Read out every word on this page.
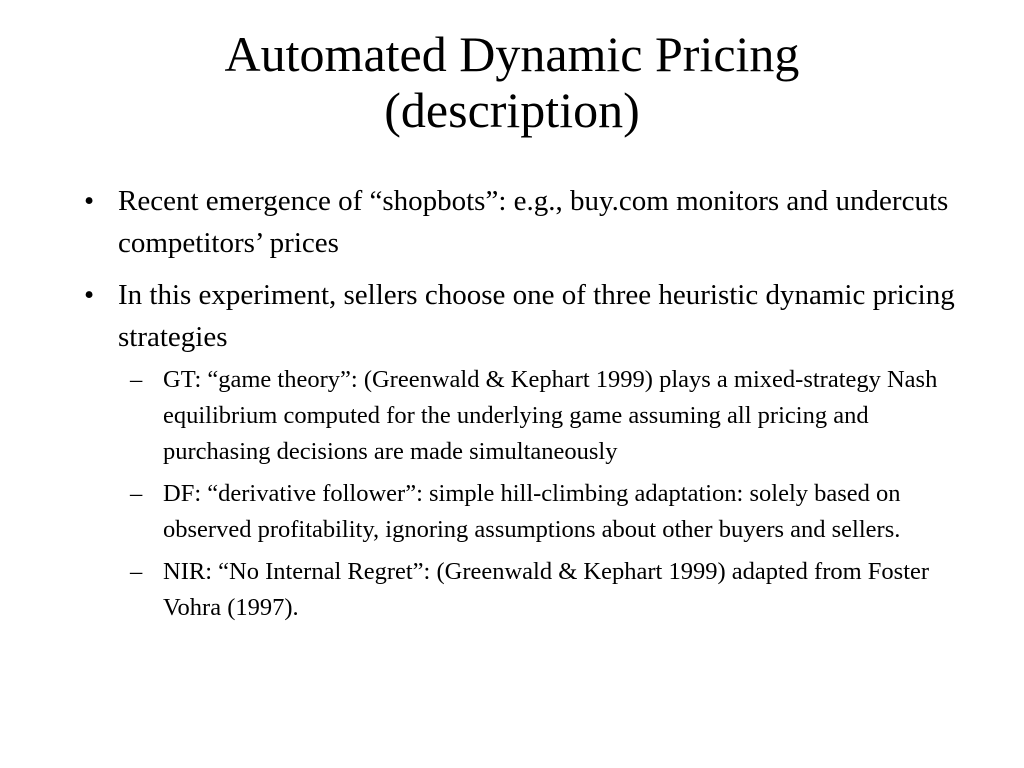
Automated Dynamic Pricing
(description)
• Recent emergence of “shopbots”: e.g., buy.com monitors and undercuts competitors’ prices
• In this experiment, sellers choose one of three heuristic dynamic pricing strategies
– GT: “game theory”: (Greenwald & Kephart 1999) plays a mixed-strategy Nash equilibrium computed for the underlying game assuming all pricing and purchasing decisions are made simultaneously
– DF: “derivative follower”: simple hill-climbing adaptation: solely based on observed profitability, ignoring assumptions about other buyers and sellers.
– NIR: “No Internal Regret”: (Greenwald & Kephart 1999) adapted from Foster Vohra (1997).
